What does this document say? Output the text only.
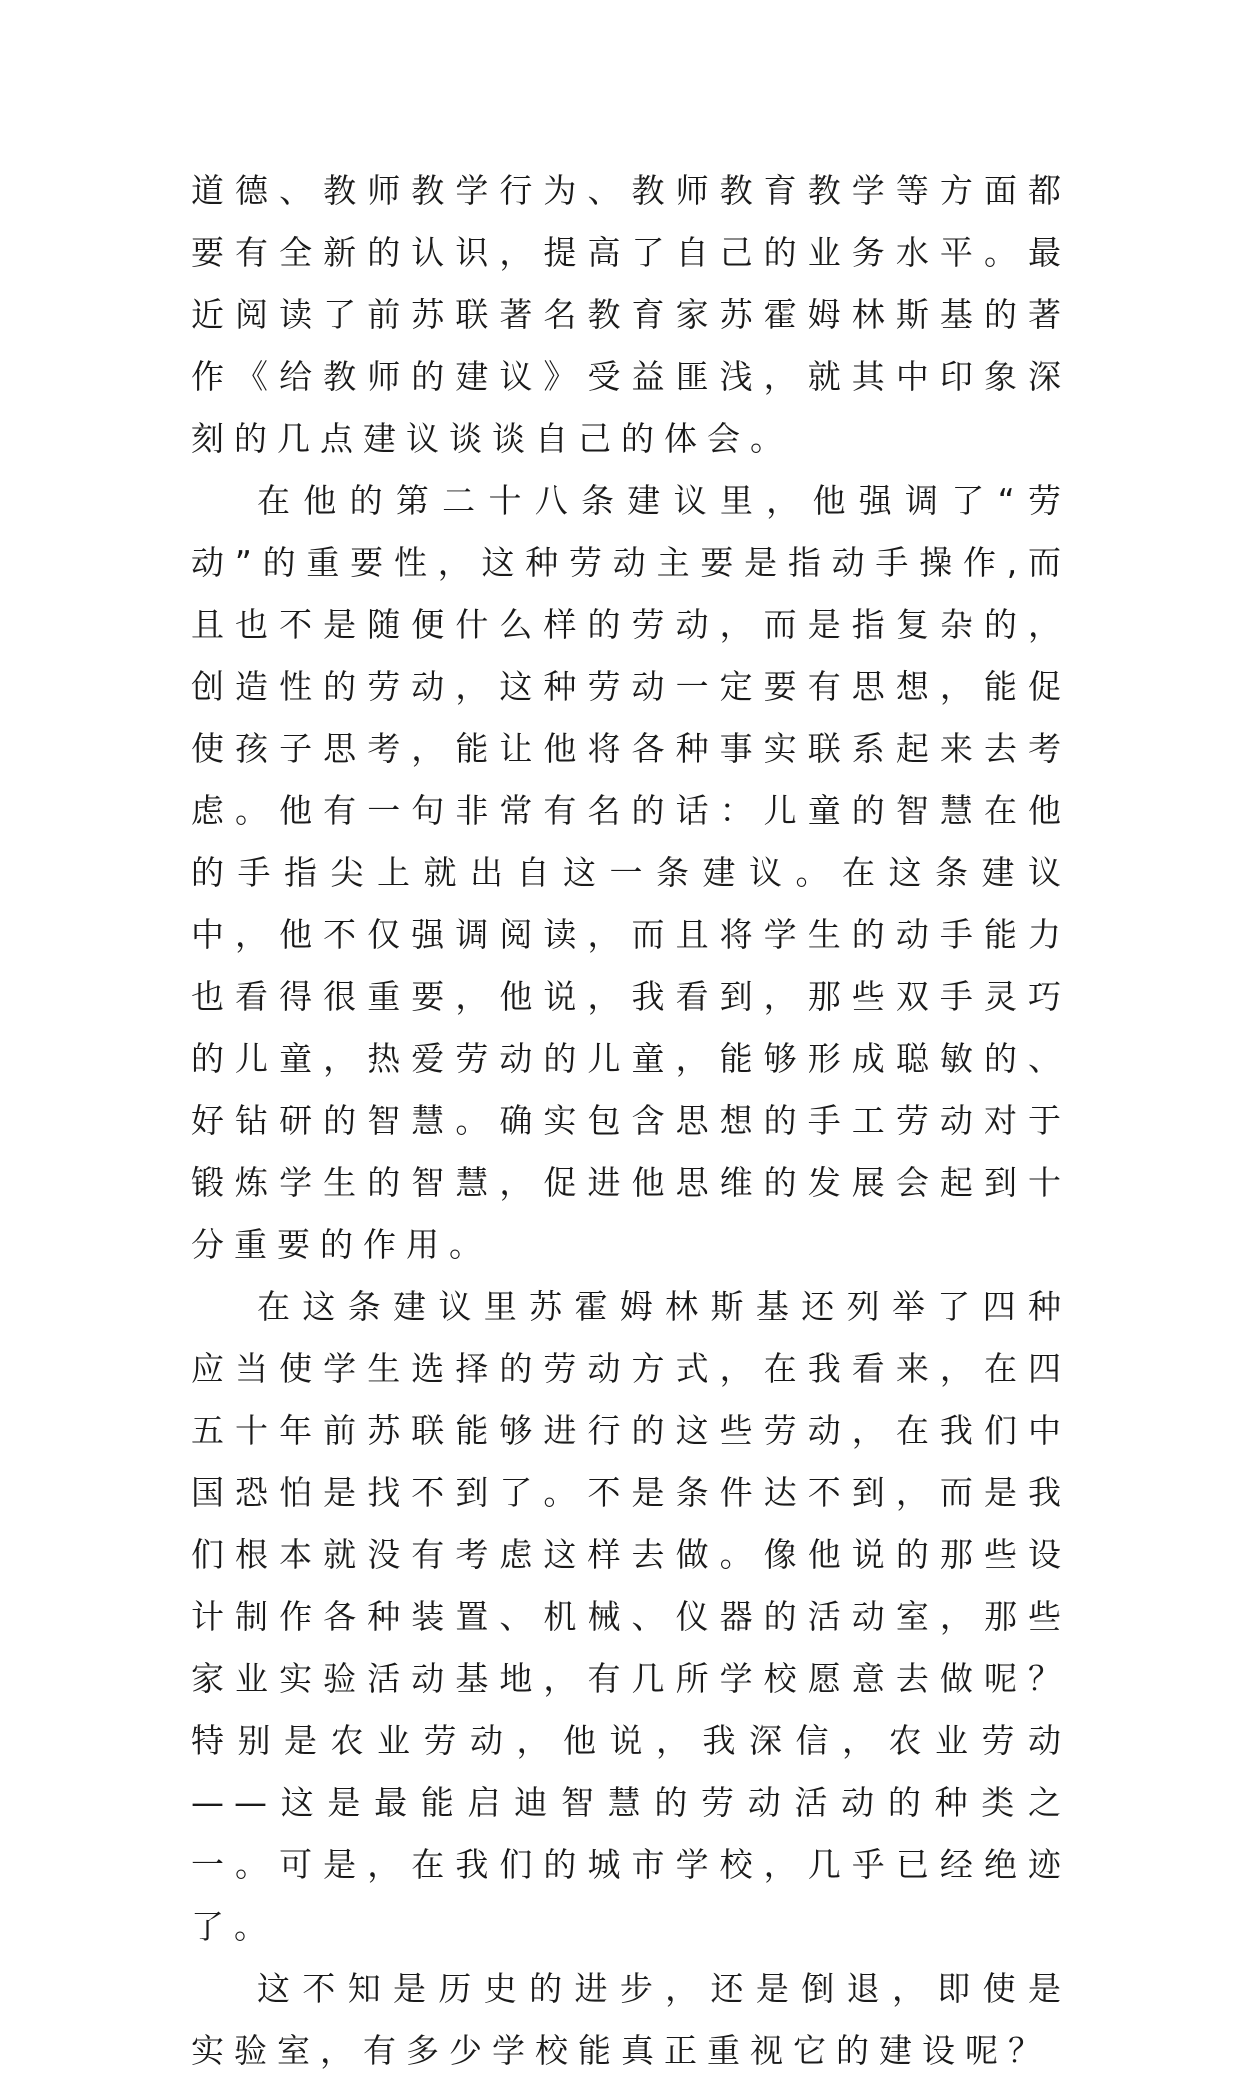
道德、教师教学行为、教师教育教学等方面都要有全新的认识，提高了自己的业务水平。最近阅读了前苏联著名教育家苏霍姆林斯基的著作《给教师的建议》受益匪浅，就其中印象深刻的几点建议谈谈自己的体会。

在他的第二十八条建议里，他强调了“劳动”的重要性，这种劳动主要是指动手操作,而且也不是随便什么样的劳动，而是指复杂的，创造性的劳动，这种劳动一定要有思想，能促使孩子思考，能让他将各种事实联系起来去考虑。他有一句非常有名的话：儿童的智慧在他的手指尖上就出自这一条建议。在这条建议中，他不仅强调阅读，而且将学生的动手能力也看得很重要，他说，我看到，那些双手灵巧的儿童，热爱劳动的儿童，能够形成聪敏的、好钻研的智慧。确实包含思想的手工劳动对于锻炼学生的智慧，促进他思维的发展会起到十分重要的作用。

在这条建议里苏霍姆林斯基还列举了四种应当使学生选择的劳动方式，在我看来，在四五十年前苏联能够进行的这些劳动，在我们中国恐怕是找不到了。不是条件达不到，而是我们根本就没有考虑这样去做。像他说的那些设计制作各种装置、机械、仪器的活动室，那些家业实验活动基地，有几所学校愿意去做呢？特别是农业劳动，他说，我深信，农业劳动——这是最能启迪智慧的劳动活动的种类之一。可是，在我们的城市学校，几乎已经绝迹了。

这不知是历史的进步，还是倒退，即使是实验室，有多少学校能真正重视它的建设呢？
